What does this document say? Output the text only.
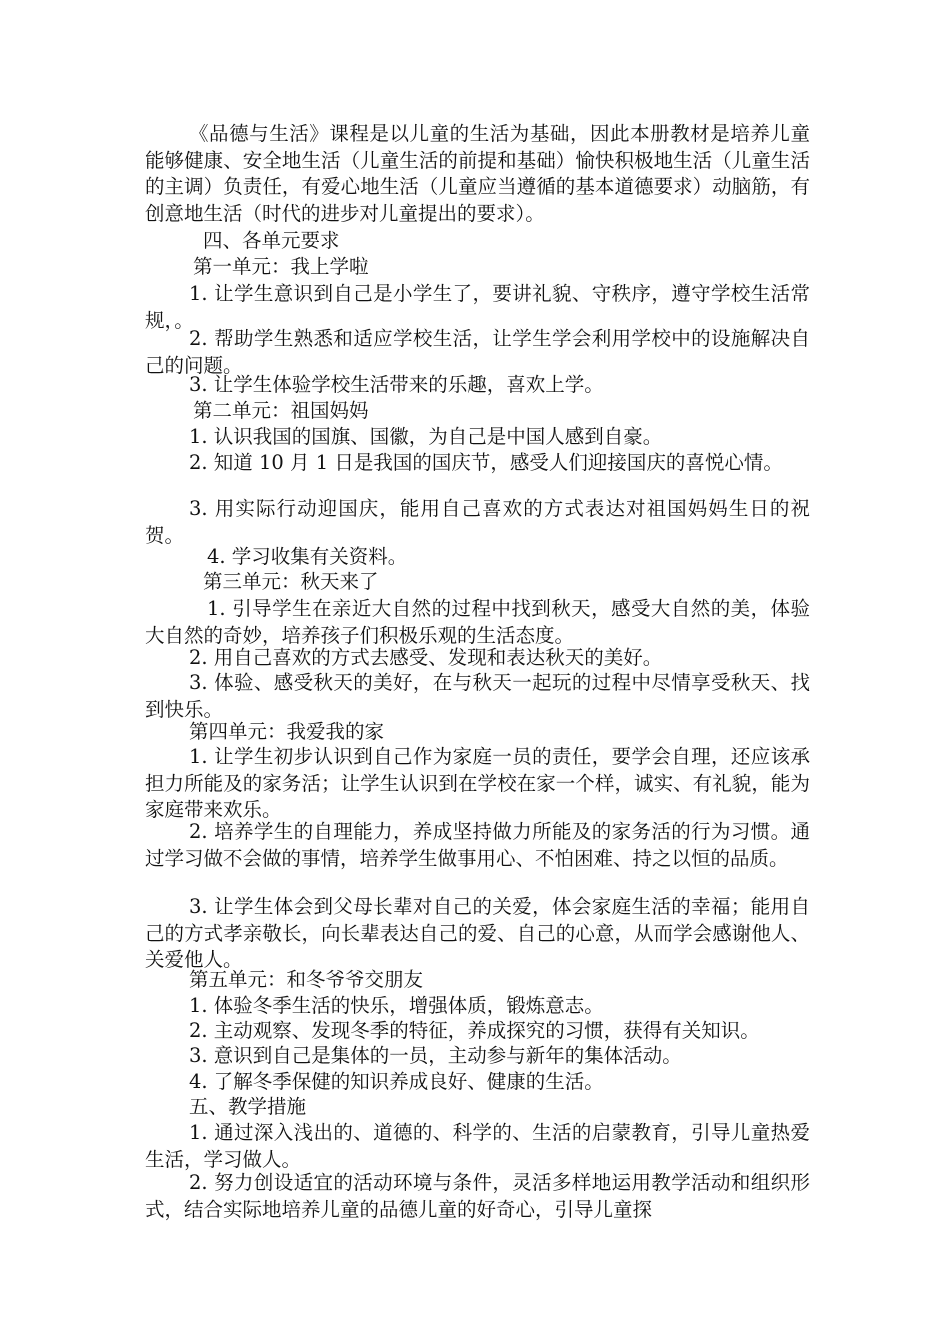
《品德与生活》课程是以儿童的生活为基础，因此本册教材是培养儿童能够健康、安全地生活（儿童生活的前提和基础）愉快积极地生活（儿童生活的主调）负责任，有爱心地生活（儿童应当遵循的基本道德要求）动脑筋，有创意地生活（时代的进步对儿童提出的要求）。

四、各单元要求

第一单元：我上学啦

1. 让学生意识到自己是小学生了，要讲礼貌、守秩序，遵守学校生活常规，。

2. 帮助学生熟悉和适应学校生活，让学生学会利用学校中的设施解决自己的问题。

3. 让学生体验学校生活带来的乐趣，喜欢上学。

第二单元：祖国妈妈

1. 认识我国的国旗、国徽，为自己是中国人感到自豪。

2. 知道 10 月 1 日是我国的国庆节，感受人们迎接国庆的喜悦心情。

3. 用实际行动迎国庆，能用自己喜欢的方式表达对祖国妈妈生日的祝贺。

4. 学习收集有关资料。

第三单元：秋天来了

1. 引导学生在亲近大自然的过程中找到秋天，感受大自然的美，体验大自然的奇妙，培养孩子们积极乐观的生活态度。

2. 用自己喜欢的方式去感受、发现和表达秋天的美好。

3. 体验、感受秋天的美好，在与秋天一起玩的过程中尽情享受秋天、找到快乐。

第四单元：我爱我的家

1. 让学生初步认识到自己作为家庭一员的责任，要学会自理，还应该承担力所能及的家务活；让学生认识到在学校在家一个样，诚实、有礼貌，能为家庭带来欢乐。

2. 培养学生的自理能力，养成坚持做力所能及的家务活的行为习惯。通过学习做不会做的事情，培养学生做事用心、不怕困难、持之以恒的品质。

3. 让学生体会到父母长辈对自己的关爱，体会家庭生活的幸福；能用自己的方式孝亲敬长，向长辈表达自己的爱、自己的心意，从而学会感谢他人、关爱他人。

第五单元：和冬爷爷交朋友

1. 体验冬季生活的快乐，增强体质，锻炼意志。

2. 主动观察、发现冬季的特征，养成探究的习惯，获得有关知识。

3. 意识到自己是集体的一员，主动参与新年的集体活动。

4. 了解冬季保健的知识养成良好、健康的生活。

五、教学措施

1. 通过深入浅出的、道德的、科学的、生活的启蒙教育，引导儿童热爱生活，学习做人。

2. 努力创设适宜的活动环境与条件，灵活多样地运用教学活动和组织形式，结合实际地培养儿童的品德儿童的好奇心，引导儿童探
